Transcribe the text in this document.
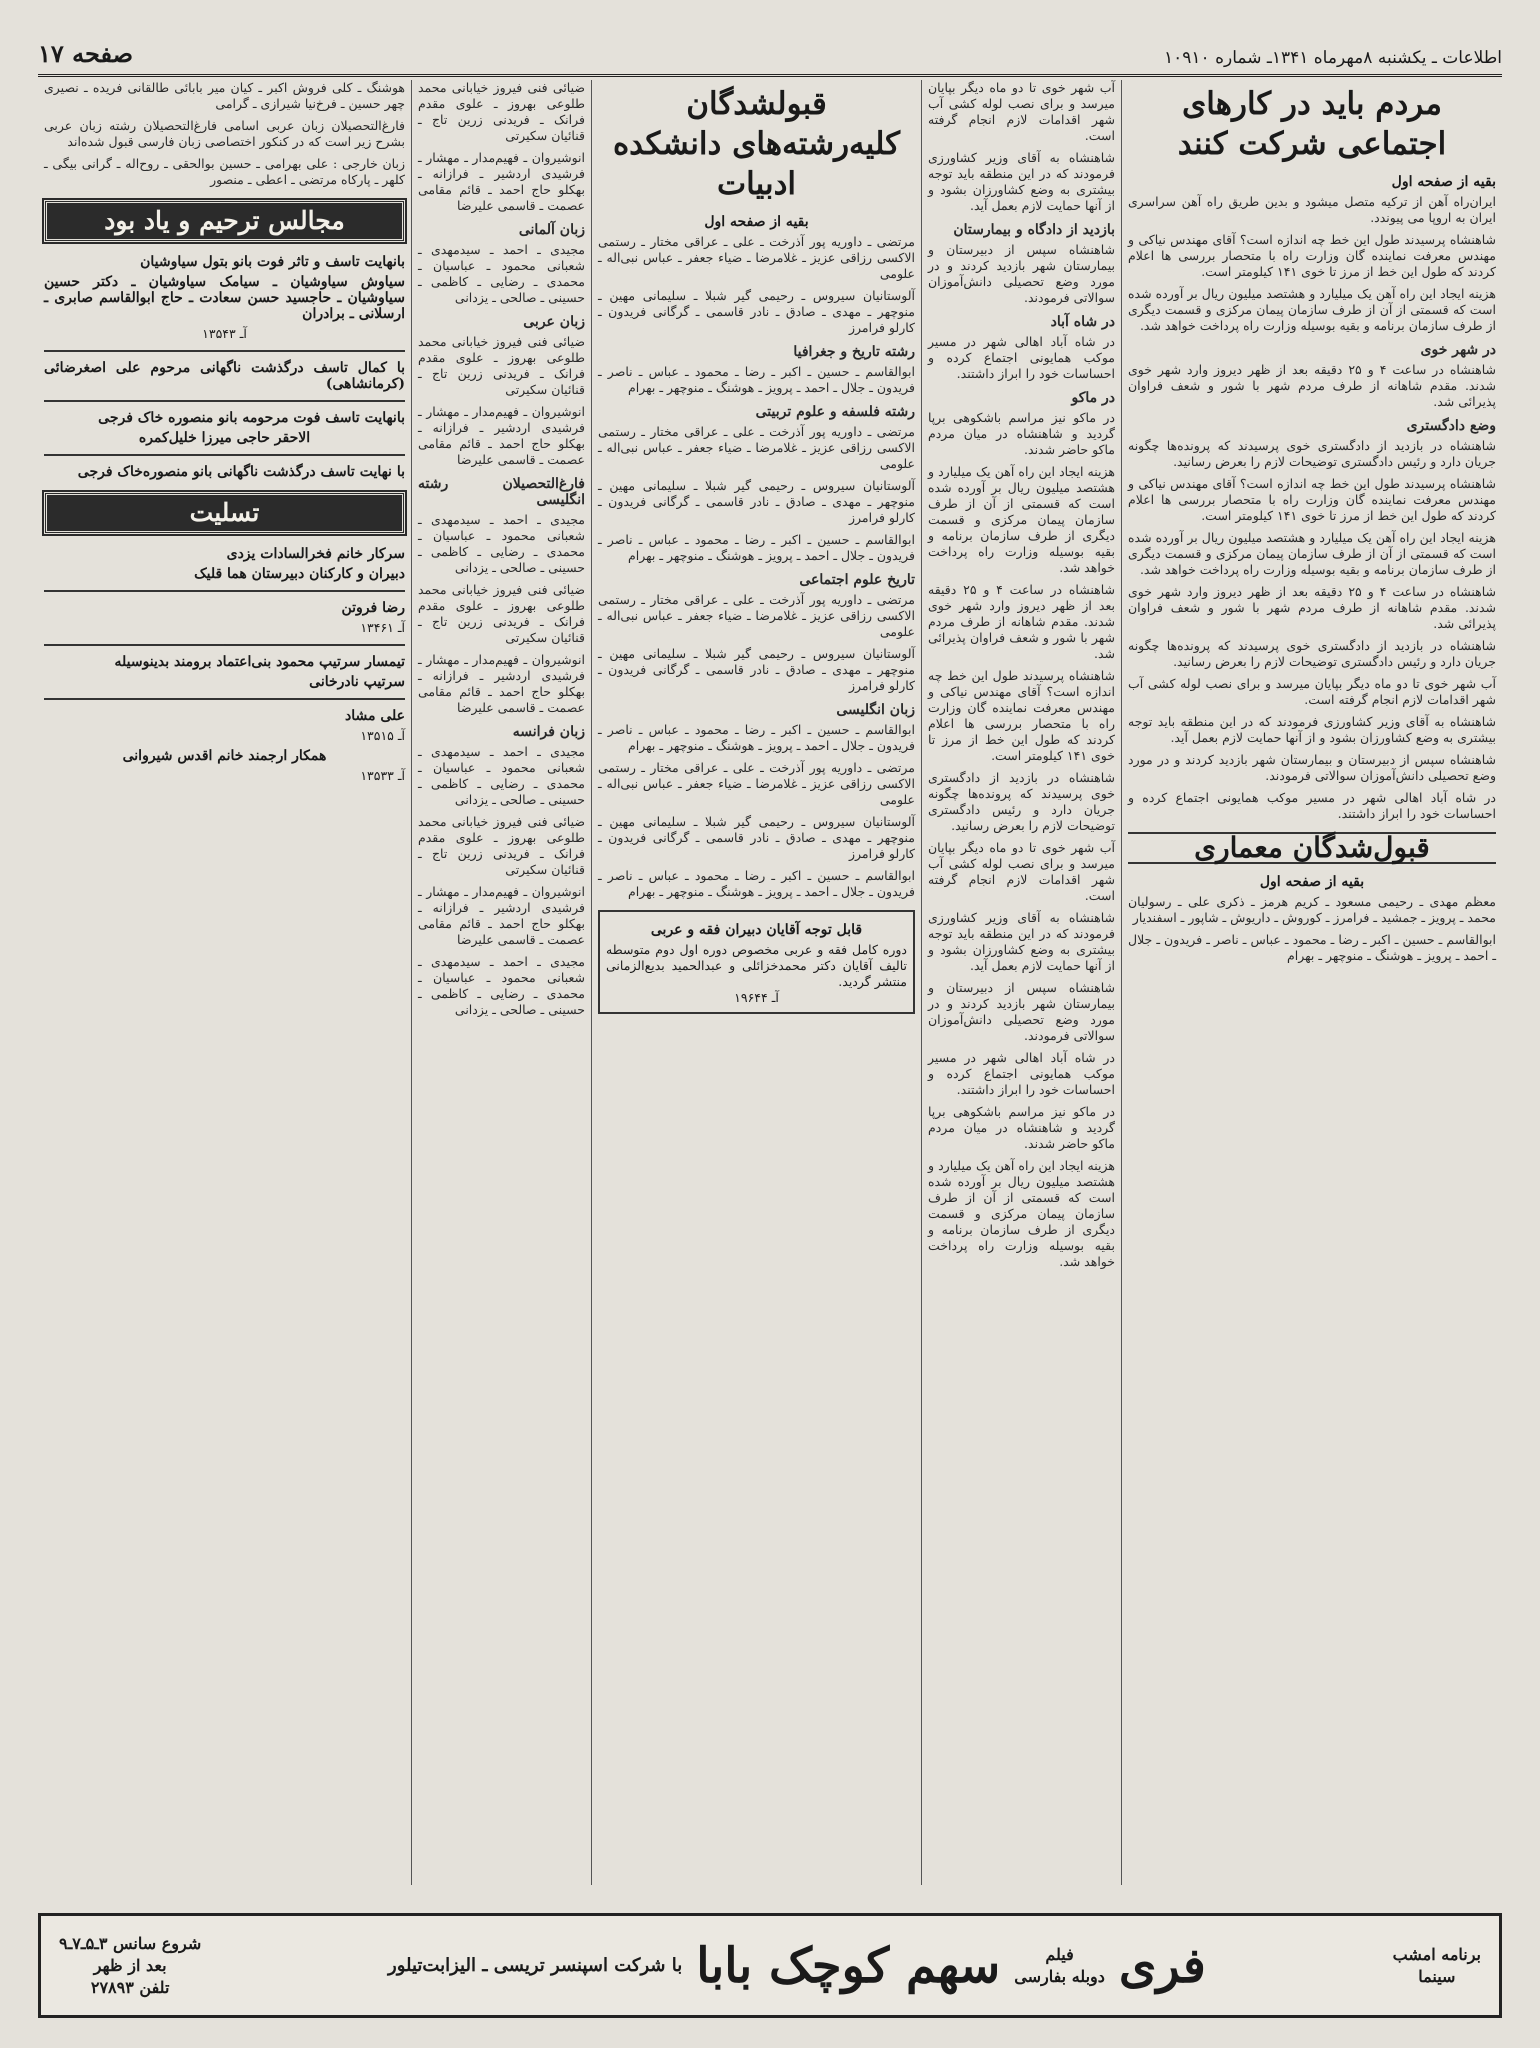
اطلاعات ـ یکشنبه ۸مهرماه ۱۳۴۱ـ شماره ۱۰۹۱۰
صفحه ۱۷
مردم باید در کارهای اجتماعی شرکت کنند
بقیه از صفحه اول

ایران‌راه آهن از ترکیه متصل میشود و بدین طریق راه آهن سراسری ایران به اروپا می پیوندد.

شاهنشاه پرسیدند طول این خط چه اندازه است؟ آقای مهندس نیاکی و مهندس معرفت نماینده گان وزارت راه با متحصار بررسی ها اعلام کردند که طول این خط از مرز تا خوی ۱۴۱ کیلومتر است.

هزینه ایجاد این راه آهن یک میلیارد و هشتصد میلیون ریال بر آورده شده است که قسمتی از آن از طرف سازمان پیمان مرکزی و قسمت دیگری از طرف سازمان برنامه و بقیه بوسیله وزارت راه پرداخت خواهد شد.

در شهر خوی

شاهنشاه در ساعت ۴ و ۲۵ دقیقه بعد از ظهر دیروز وارد شهر خوی شدند. مقدم شاهانه از طرف مردم شهر با شور و شعف فراوان پذیرائی شد.

وضع دادگستری

شاهنشاه در بازدید از دادگستری خوی پرسیدند که پرونده‌ها چگونه جریان دارد و رئیس دادگستری توضیحات لازم را بعرض رسانید.

شاهنشاه پرسیدند طول این خط چه اندازه است؟ آقای مهندس نیاکی و مهندس معرفت نماینده گان وزارت راه با متحصار بررسی ها اعلام کردند که طول این خط از مرز تا خوی ۱۴۱ کیلومتر است.

هزینه ایجاد این راه آهن یک میلیارد و هشتصد میلیون ریال بر آورده شده است که قسمتی از آن از طرف سازمان پیمان مرکزی و قسمت دیگری از طرف سازمان برنامه و بقیه بوسیله وزارت راه پرداخت خواهد شد.

شاهنشاه در ساعت ۴ و ۲۵ دقیقه بعد از ظهر دیروز وارد شهر خوی شدند. مقدم شاهانه از طرف مردم شهر با شور و شعف فراوان پذیرائی شد.

شاهنشاه در بازدید از دادگستری خوی پرسیدند که پرونده‌ها چگونه جریان دارد و رئیس دادگستری توضیحات لازم را بعرض رسانید.

آب شهر خوی تا دو ماه دیگر بپایان میرسد و برای نصب لوله کشی آب شهر اقدامات لازم انجام گرفته است.

شاهنشاه به آقای وزیر کشاورزی فرمودند که در این منطقه باید توجه بیشتری به وضع کشاورزان بشود و از آنها حمایت لازم بعمل آید.

شاهنشاه سپس از دبیرستان و بیمارستان شهر بازدید کردند و در مورد وضع تحصیلی دانش‌آموزان سوالاتی فرمودند.

در شاه آباد اهالی شهر در مسیر موکب همایونی اجتماع کرده و احساسات خود را ابراز داشتند.

قبول‌شدگان معماری
بقیه از صفحه اول

معظم مهدی ـ رحیمی مسعود ـ کریم هرمز ـ ذکری علی ـ رسولیان محمد ـ پرویز ـ جمشید ـ فرامرز ـ کوروش ـ داریوش ـ شاپور ـ اسفندیار

ابوالقاسم ـ حسین ـ اکبر ـ رضا ـ محمود ـ عباس ـ ناصر ـ فریدون ـ جلال ـ احمد ـ پرویز ـ هوشنگ ـ منوچهر ـ بهرام

آب شهر خوی تا دو ماه دیگر بپایان میرسد و برای نصب لوله کشی آب شهر اقدامات لازم انجام گرفته است.

شاهنشاه به آقای وزیر کشاورزی فرمودند که در این منطقه باید توجه بیشتری به وضع کشاورزان بشود و از آنها حمایت لازم بعمل آید.

بازدید از دادگاه و بیمارستان

شاهنشاه سپس از دبیرستان و بیمارستان شهر بازدید کردند و در مورد وضع تحصیلی دانش‌آموزان سوالاتی فرمودند.

در شاه آباد

در شاه آباد اهالی شهر در مسیر موکب همایونی اجتماع کرده و احساسات خود را ابراز داشتند.

در ماکو

در ماکو نیز مراسم باشکوهی برپا گردید و شاهنشاه در میان مردم ماکو حاضر شدند.

هزینه ایجاد این راه آهن یک میلیارد و هشتصد میلیون ریال بر آورده شده است که قسمتی از آن از طرف سازمان پیمان مرکزی و قسمت دیگری از طرف سازمان برنامه و بقیه بوسیله وزارت راه پرداخت خواهد شد.

شاهنشاه در ساعت ۴ و ۲۵ دقیقه بعد از ظهر دیروز وارد شهر خوی شدند. مقدم شاهانه از طرف مردم شهر با شور و شعف فراوان پذیرائی شد.

شاهنشاه پرسیدند طول این خط چه اندازه است؟ آقای مهندس نیاکی و مهندس معرفت نماینده گان وزارت راه با متحصار بررسی ها اعلام کردند که طول این خط از مرز تا خوی ۱۴۱ کیلومتر است.

شاهنشاه در بازدید از دادگستری خوی پرسیدند که پرونده‌ها چگونه جریان دارد و رئیس دادگستری توضیحات لازم را بعرض رسانید.

آب شهر خوی تا دو ماه دیگر بپایان میرسد و برای نصب لوله کشی آب شهر اقدامات لازم انجام گرفته است.

شاهنشاه به آقای وزیر کشاورزی فرمودند که در این منطقه باید توجه بیشتری به وضع کشاورزان بشود و از آنها حمایت لازم بعمل آید.

شاهنشاه سپس از دبیرستان و بیمارستان شهر بازدید کردند و در مورد وضع تحصیلی دانش‌آموزان سوالاتی فرمودند.

در شاه آباد اهالی شهر در مسیر موکب همایونی اجتماع کرده و احساسات خود را ابراز داشتند.

در ماکو نیز مراسم باشکوهی برپا گردید و شاهنشاه در میان مردم ماکو حاضر شدند.

هزینه ایجاد این راه آهن یک میلیارد و هشتصد میلیون ریال بر آورده شده است که قسمتی از آن از طرف سازمان پیمان مرکزی و قسمت دیگری از طرف سازمان برنامه و بقیه بوسیله وزارت راه پرداخت خواهد شد.

قبولشدگان کلیه‌رشته‌های دانشکده ادبیات
بقیه از صفحه اول

مرتضی ـ داوریه پور آذرخت ـ علی ـ عراقی مختار ـ رستمی الاکسی رزاقی عزیز ـ غلامرضا ـ ضیاء جعفر ـ عباس نبی‌اله ـ علومی

آلوستانیان سیروس ـ رحیمی گیر شبلا ـ سلیمانی مهین ـ منوچهر ـ مهدی ـ صادق ـ نادر قاسمی ـ گرگانی فریدون ـ کارلو فرامرز

رشته تاریخ و جغرافیا

ابوالقاسم ـ حسین ـ اکبر ـ رضا ـ محمود ـ عباس ـ ناصر ـ فریدون ـ جلال ـ احمد ـ پرویز ـ هوشنگ ـ منوچهر ـ بهرام

رشته فلسفه و علوم تربیتی

مرتضی ـ داوریه پور آذرخت ـ علی ـ عراقی مختار ـ رستمی الاکسی رزاقی عزیز ـ غلامرضا ـ ضیاء جعفر ـ عباس نبی‌اله ـ علومی

آلوستانیان سیروس ـ رحیمی گیر شبلا ـ سلیمانی مهین ـ منوچهر ـ مهدی ـ صادق ـ نادر قاسمی ـ گرگانی فریدون ـ کارلو فرامرز

ابوالقاسم ـ حسین ـ اکبر ـ رضا ـ محمود ـ عباس ـ ناصر ـ فریدون ـ جلال ـ احمد ـ پرویز ـ هوشنگ ـ منوچهر ـ بهرام

تاریخ علوم اجتماعی

مرتضی ـ داوریه پور آذرخت ـ علی ـ عراقی مختار ـ رستمی الاکسی رزاقی عزیز ـ غلامرضا ـ ضیاء جعفر ـ عباس نبی‌اله ـ علومی

آلوستانیان سیروس ـ رحیمی گیر شبلا ـ سلیمانی مهین ـ منوچهر ـ مهدی ـ صادق ـ نادر قاسمی ـ گرگانی فریدون ـ کارلو فرامرز

زبان انگلیسی

ابوالقاسم ـ حسین ـ اکبر ـ رضا ـ محمود ـ عباس ـ ناصر ـ فریدون ـ جلال ـ احمد ـ پرویز ـ هوشنگ ـ منوچهر ـ بهرام

مرتضی ـ داوریه پور آذرخت ـ علی ـ عراقی مختار ـ رستمی الاکسی رزاقی عزیز ـ غلامرضا ـ ضیاء جعفر ـ عباس نبی‌اله ـ علومی

آلوستانیان سیروس ـ رحیمی گیر شبلا ـ سلیمانی مهین ـ منوچهر ـ مهدی ـ صادق ـ نادر قاسمی ـ گرگانی فریدون ـ کارلو فرامرز

ابوالقاسم ـ حسین ـ اکبر ـ رضا ـ محمود ـ عباس ـ ناصر ـ فریدون ـ جلال ـ احمد ـ پرویز ـ هوشنگ ـ منوچهر ـ بهرام

قابل توجه آقایان دبیران فقه و عربی
دوره کامل فقه و عربی مخصوص دوره اول دوم متوسطه تالیف آقایان دکتر محمدخزائلی و عبدالحمید بدیع‌الزمانی منتشر گردید.
آـ ۱۹۶۴۴

ضیائی فنی فیروز خیابانی محمد طلوعی بهروز ـ علوی مقدم فرانک ـ فریدنی زرین تاج ـ قنائیان سکیرتی

انوشیروان ـ فهیم‌مدار ـ مهشار ـ فرشیدی اردشیر ـ فرازانه ـ بهکلو حاج احمد ـ قائم مقامی عصمت ـ قاسمی علیرضا

زبان آلمانی

مجیدی ـ احمد ـ سیدمهدی ـ شعبانی محمود ـ عباسیان ـ محمدی ـ رضایی ـ کاظمی ـ حسینی ـ صالحی ـ یزدانی

زبان عربی

ضیائی فنی فیروز خیابانی محمد طلوعی بهروز ـ علوی مقدم فرانک ـ فریدنی زرین تاج ـ قنائیان سکیرتی

انوشیروان ـ فهیم‌مدار ـ مهشار ـ فرشیدی اردشیر ـ فرازانه ـ بهکلو حاج احمد ـ قائم مقامی عصمت ـ قاسمی علیرضا

فارغ‌التحصیلان رشته انگلیسی

مجیدی ـ احمد ـ سیدمهدی ـ شعبانی محمود ـ عباسیان ـ محمدی ـ رضایی ـ کاظمی ـ حسینی ـ صالحی ـ یزدانی

ضیائی فنی فیروز خیابانی محمد طلوعی بهروز ـ علوی مقدم فرانک ـ فریدنی زرین تاج ـ قنائیان سکیرتی

انوشیروان ـ فهیم‌مدار ـ مهشار ـ فرشیدی اردشیر ـ فرازانه ـ بهکلو حاج احمد ـ قائم مقامی عصمت ـ قاسمی علیرضا

زبان فرانسه

مجیدی ـ احمد ـ سیدمهدی ـ شعبانی محمود ـ عباسیان ـ محمدی ـ رضایی ـ کاظمی ـ حسینی ـ صالحی ـ یزدانی

ضیائی فنی فیروز خیابانی محمد طلوعی بهروز ـ علوی مقدم فرانک ـ فریدنی زرین تاج ـ قنائیان سکیرتی

انوشیروان ـ فهیم‌مدار ـ مهشار ـ فرشیدی اردشیر ـ فرازانه ـ بهکلو حاج احمد ـ قائم مقامی عصمت ـ قاسمی علیرضا

مجیدی ـ احمد ـ سیدمهدی ـ شعبانی محمود ـ عباسیان ـ محمدی ـ رضایی ـ کاظمی ـ حسینی ـ صالحی ـ یزدانی

هوشنگ ـ کلی فروش اکبر ـ کیان میر بابائی طالقانی فریده ـ نصیری چهر حسین ـ فرخ‌نیا شیرازی ـ گرامی

فارغ‌التحصیلان زبان عربی اسامی فارغ‌التحصیلان رشته زبان عربی بشرح زیر است که در کنکور اختصاصی زبان فارسی قبول شده‌اند

زبان خارجی : علی بهرامی ـ حسین بوالحقی ـ روح‌اله ـ گرانی بیگی ـ کلهر ـ پارکاه مرتضی ـ اعطی ـ منصور

مجالس ترحیم و یاد بود
بانهایت تاسف و تاثر فوت بانو بتول سیاوشیان
سیاوش سیاوشیان ـ سیامک سیاوشیان ـ دکتر حسین سیاوشیان ـ حاجسید حسن سعادت ـ حاج ابوالقاسم صابری ـ ارسلانی ـ برادران
آـ ۱۳۵۴۳
با کمال تاسف درگذشت ناگهانی مرحوم علی اصغرضائی (کرمانشاهی)
بانهایت تاسف فوت مرحومه بانو منصوره خاک فرجی
الاحقر حاجی میرزا خلیل‌کمره
با نهایت تاسف درگذشت ناگهانی بانو منصوره‌خاک فرجی
تسلیت
سرکار خانم فخرالسادات یزدی
دبیران و کارکنان دبیرستان هما قلیک
رضا فروتن
آـ ۱۳۴۶۱
تیمسار سرتیپ محمود بنی‌اعتماد برومند بدینوسیله
سرتیپ نادرخانی
علی مشاد
آـ ۱۳۵۱۵
همکار ارجمند خانم اقدس شیروانی
آـ ۱۳۵۳۳
برنامه امشب
سینما
فری
فیلم
دوبله بفارسی
سهم کوچک بابا
با شرکت اسپنسر تریسی ـ الیزابت‌تیلور
شروع سانس ۳ـ۵ـ۷ـ۹
بعد از ظهر
تلفن ۲۷۸۹۳
